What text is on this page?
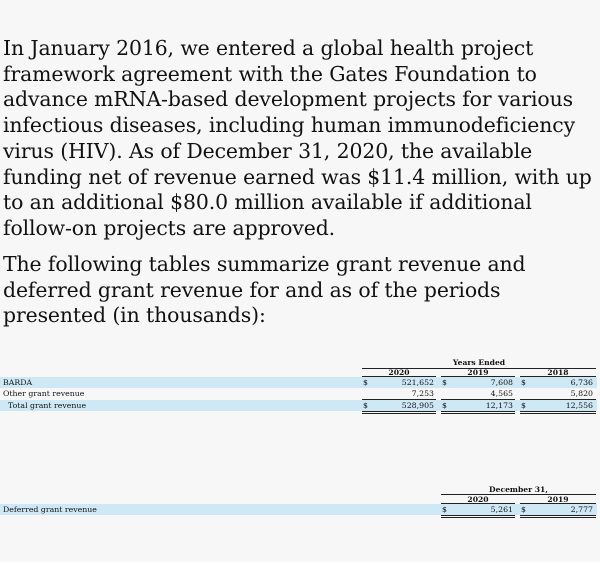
In January 2016, we entered a global health project framework agreement with the Gates Foundation to advance mRNA-based development projects for various infectious diseases, including human immunodeficiency virus (HIV). As of December 31, 2020, the available funding net of revenue earned was $11.4 million, with up to an additional $80.0 million available if additional follow-on projects are approved.

The following tables summarize grant revenue and deferred grant revenue for and as of the periods presented (in thousands):

Years Ended
2020	2019	2018
BARDA	$	521,652 $	7,608 $	6,736
Other grant revenue	7,253	4,565	5,820
Total grant revenue	$	528,905 $	12,173 $	12,556
December 31,
2020	2019
Deferred grant revenue	$	5,261 $	2,777
